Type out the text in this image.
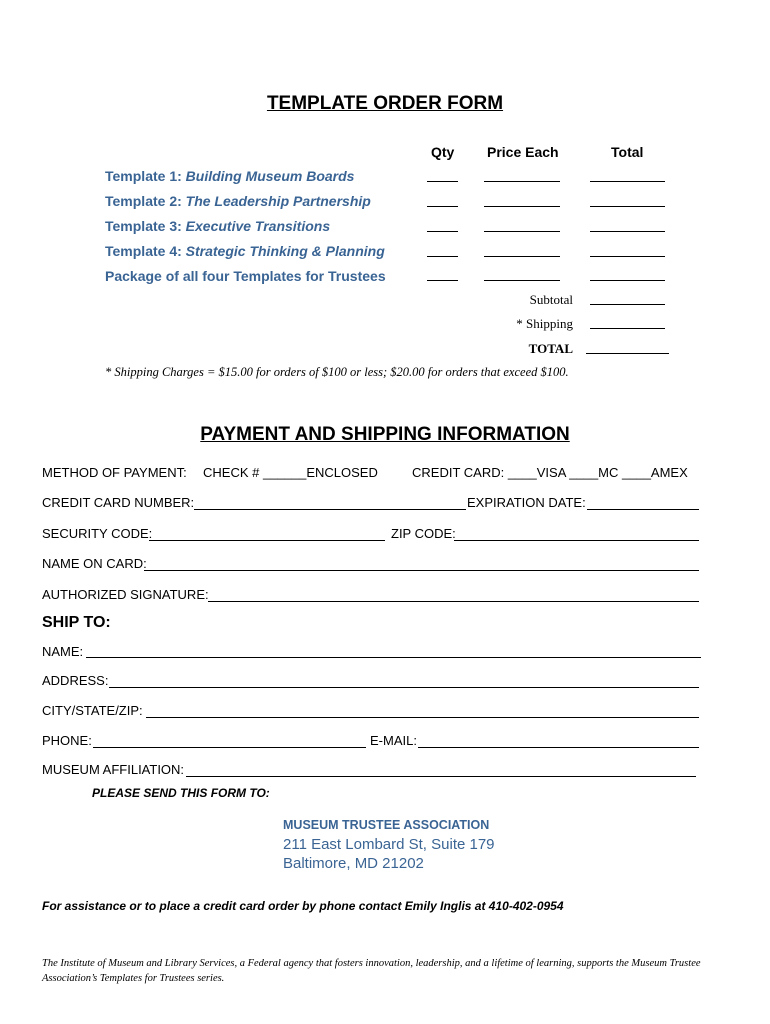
TEMPLATE ORDER FORM
Qty Price Each	Total
Template 1: Building Museum Boards
Template 2: The Leadership Partnership
Template 3: Executive Transitions
Template 4: Strategic Thinking & Planning
Package of all four Templates for Trustees
Subtotal
* Shipping
TOTAL
* Shipping Charges = $15.00 for orders of $100 or less; $20.00 for orders that exceed $100.
PAYMENT AND SHIPPING INFORMATION
METHOD OF PAYMENT: CHECK # ______ENCLOSED	CREDIT CARD: ____VISA ____MC ____AMEX
CREDIT CARD NUMBER:	EXPIRATION DATE:
SECURITY CODE:	ZIP CODE:
NAME ON CARD:
AUTHORIZED SIGNATURE:
SHIP TO:
NAME:
ADDRESS:
CITY/STATE/ZIP:
PHONE:	E-MAIL:
MUSEUM AFFILIATION:
PLEASE SEND THIS FORM TO:
MUSEUM TRUSTEE ASSOCIATION
211 East Lombard St, Suite 179
Baltimore, MD 21202
For assistance or to place a credit card order by phone contact Emily Inglis at 410-402-0954
The Institute of Museum and Library Services, a Federal agency that fosters innovation, leadership, and a lifetime of learning, supports the Museum Trustee Association’s Templates for Trustees series.
